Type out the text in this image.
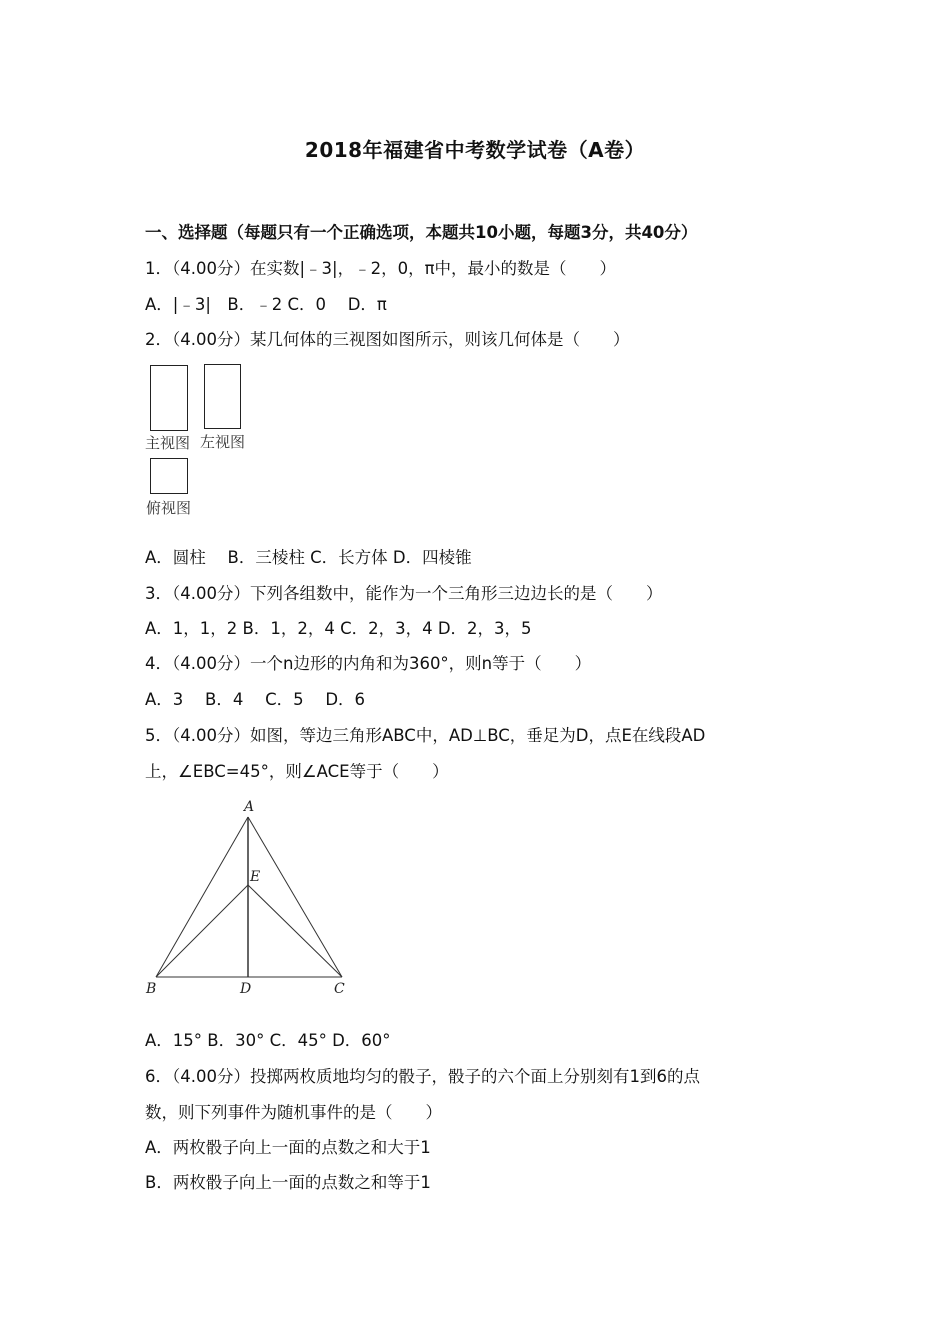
2018年福建省中考数学试卷（A卷）
一、选择题（每题只有一个正确选项，本题共10小题，每题3分，共40分）
1．（4.00分）在实数|﹣3|，﹣2，0，π中，最小的数是（　　）
A．|﹣3|　B．﹣2 C．0　 D．π
2．（4.00分）某几何体的三视图如图所示，则该几何体是（　　）
主视图 左视图
俯视图
A．圆柱　 B．三棱柱 C．长方体 D．四棱锥
3．（4.00分）下列各组数中，能作为一个三角形三边边长的是（　　）
A．1，1，2 B．1，2，4 C．2，3，4 D．2，3，5
4．（4.00分）一个n边形的内角和为360°，则n等于（　　）
A．3　 B．4　 C．5　 D．6
5．（4.00分）如图，等边三角形ABC中，AD⊥BC，垂足为D，点E在线段AD
上，∠EBC=45°，则∠ACE等于（　　）
A
E
B	D	C
A．15° B．30° C．45° D．60°
6．（4.00分）投掷两枚质地均匀的骰子，骰子的六个面上分别刻有1到6的点
数，则下列事件为随机事件的是（　　）
A．两枚骰子向上一面的点数之和大于1
B．两枚骰子向上一面的点数之和等于1
